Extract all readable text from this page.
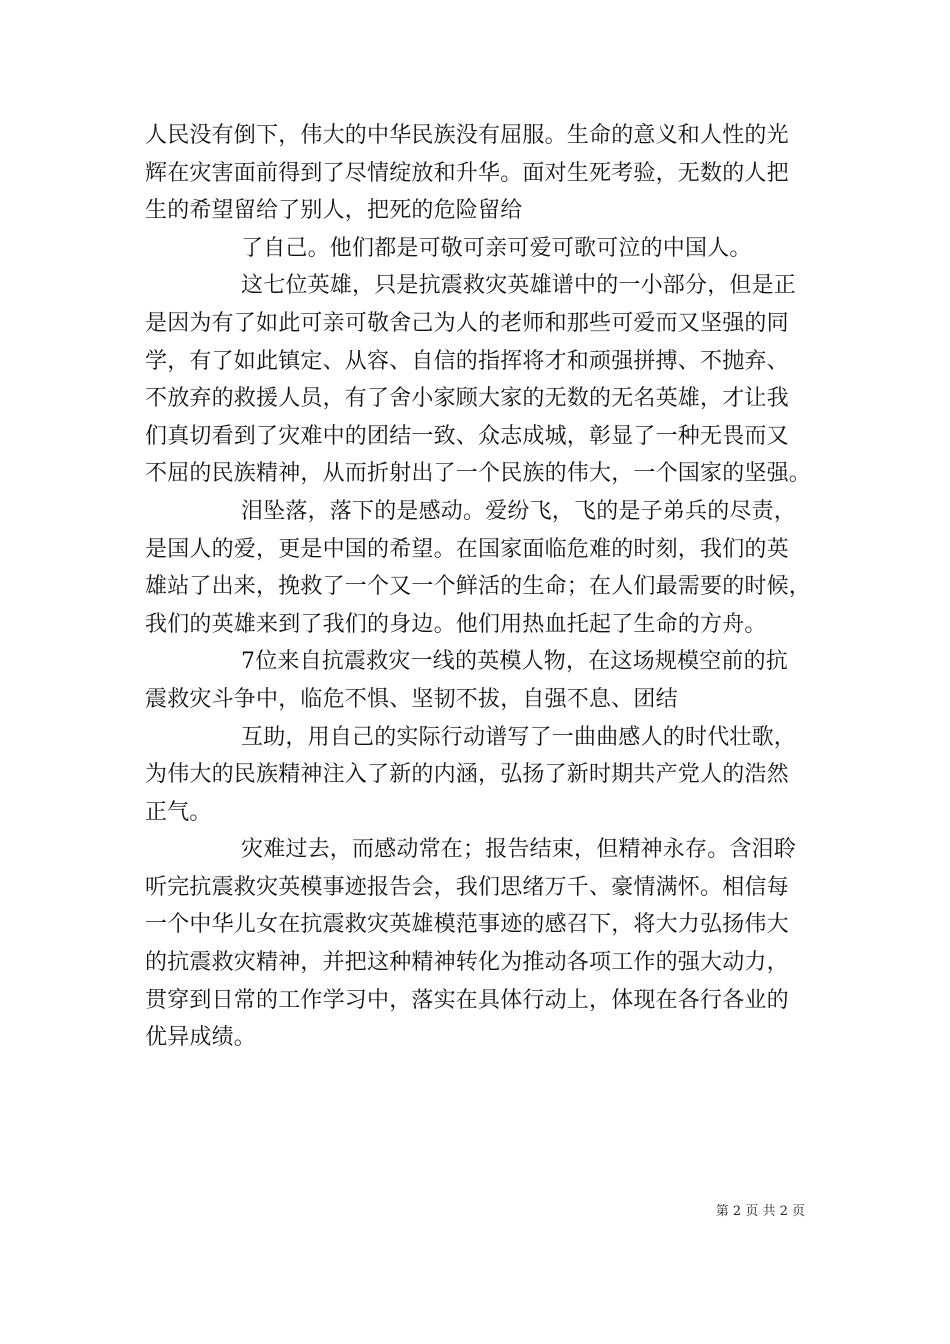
人民没有倒下，伟大的中华民族没有屈服。生命的意义和人性的光
辉在灾害面前得到了尽情绽放和升华。面对生死考验，无数的人把
生的希望留给了别人，把死的危险留给
了自己。他们都是可敬可亲可爱可歌可泣的中国人。
这七位英雄，只是抗震救灾英雄谱中的一小部分，但是正
是因为有了如此可亲可敬舍己为人的老师和那些可爱而又坚强的同
学，有了如此镇定、从容、自信的指挥将才和顽强拼搏、不抛弃、
不放弃的救援人员，有了舍小家顾大家的无数的无名英雄，才让我
们真切看到了灾难中的团结一致、众志成城，彰显了一种无畏而又
不屈的民族精神，从而折射出了一个民族的伟大，一个国家的坚强。
泪坠落，落下的是感动。爱纷飞，飞的是子弟兵的尽责，
是国人的爱，更是中国的希望。在国家面临危难的时刻，我们的英
雄站了出来，挽救了一个又一个鲜活的生命；在人们最需要的时候，
我们的英雄来到了我们的身边。他们用热血托起了生命的方舟。
7位来自抗震救灾一线的英模人物，在这场规模空前的抗
震救灾斗争中，临危不惧、坚韧不拔，自强不息、团结
互助，用自己的实际行动谱写了一曲曲感人的时代壮歌，
为伟大的民族精神注入了新的内涵，弘扬了新时期共产党人的浩然
正气。
灾难过去，而感动常在；报告结束，但精神永存。含泪聆
听完抗震救灾英模事迹报告会，我们思绪万千、豪情满怀。相信每
一个中华儿女在抗震救灾英雄模范事迹的感召下，将大力弘扬伟大
的抗震救灾精神，并把这种精神转化为推动各项工作的强大动力，
贯穿到日常的工作学习中，落实在具体行动上，体现在各行各业的
优异成绩。
第 2 页 共 2 页
